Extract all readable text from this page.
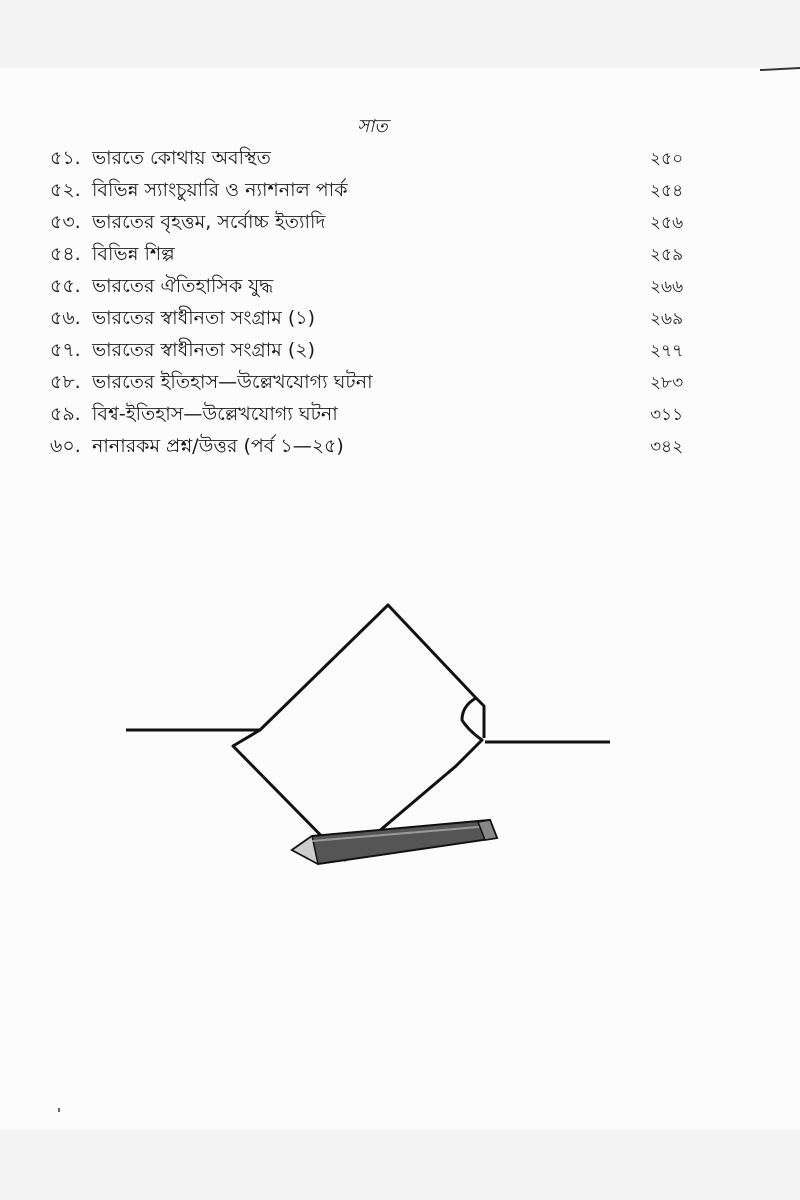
সাত
৫১. ভারতে কোথায় অবস্থিত	২৫০
৫২. বিভিন্ন স্যাংচুয়ারি ও ন্যাশনাল পার্ক	২৫৪
৫৩. ভারতের বৃহত্তম, সর্বোচ্চ ইত্যাদি	২৫৬
৫৪. বিভিন্ন শিল্প	২৫৯
৫৫. ভারতের ঐতিহাসিক যুদ্ধ	২৬৬
৫৬. ভারতের স্বাধীনতা সংগ্রাম (১)	২৬৯
৫৭. ভারতের স্বাধীনতা সংগ্রাম (২)	২৭৭
৫৮. ভারতের ইতিহাস—উল্লেখযোগ্য ঘটনা	২৮৩
৫৯. বিশ্ব-ইতিহাস—উল্লেখযোগ্য ঘটনা	৩১১
৬০. নানারকম প্রশ্ন/উত্তর (পর্ব ১—২৫)	৩৪২
